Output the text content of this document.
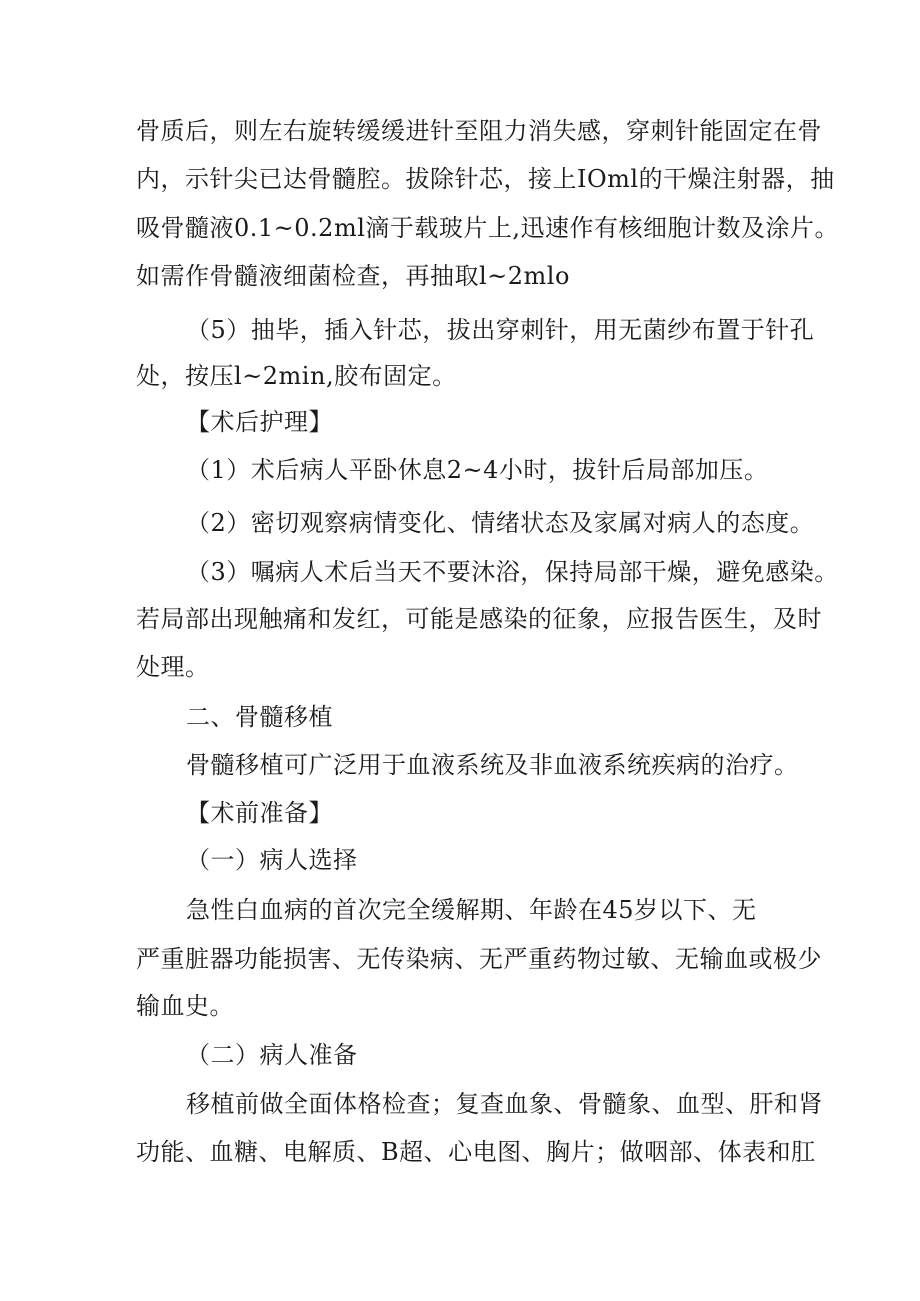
骨质后，则左右旋转缓缓进针至阻力消失感，穿刺针能固定在骨
内，示针尖已达骨髓腔。拔除针芯，接上IOml的干燥注射器，抽
吸骨髓液0.1~0.2ml滴于载玻片上,迅速作有核细胞计数及涂片。
如需作骨髓液细菌检查，再抽取l~2mlo
（5）抽毕，插入针芯，拔出穿刺针，用无菌纱布置于针孔
处，按压l~2min,胶布固定。
【术后护理】
（1）术后病人平卧休息2~4小时，拔针后局部加压。
（2）密切观察病情变化、情绪状态及家属对病人的态度。
（3）嘱病人术后当天不要沐浴，保持局部干燥，避免感染。
若局部出现触痛和发红，可能是感染的征象，应报告医生，及时
处理。
二、骨髓移植
骨髓移植可广泛用于血液系统及非血液系统疾病的治疗。
【术前准备】
（一）病人选择
急性白血病的首次完全缓解期、年龄在45岁以下、无
严重脏器功能损害、无传染病、无严重药物过敏、无输血或极少
输血史。
（二）病人准备
移植前做全面体格检查；复查血象、骨髓象、血型、肝和肾
功能、血糖、电解质、B超、心电图、胸片；做咽部、体表和肛
